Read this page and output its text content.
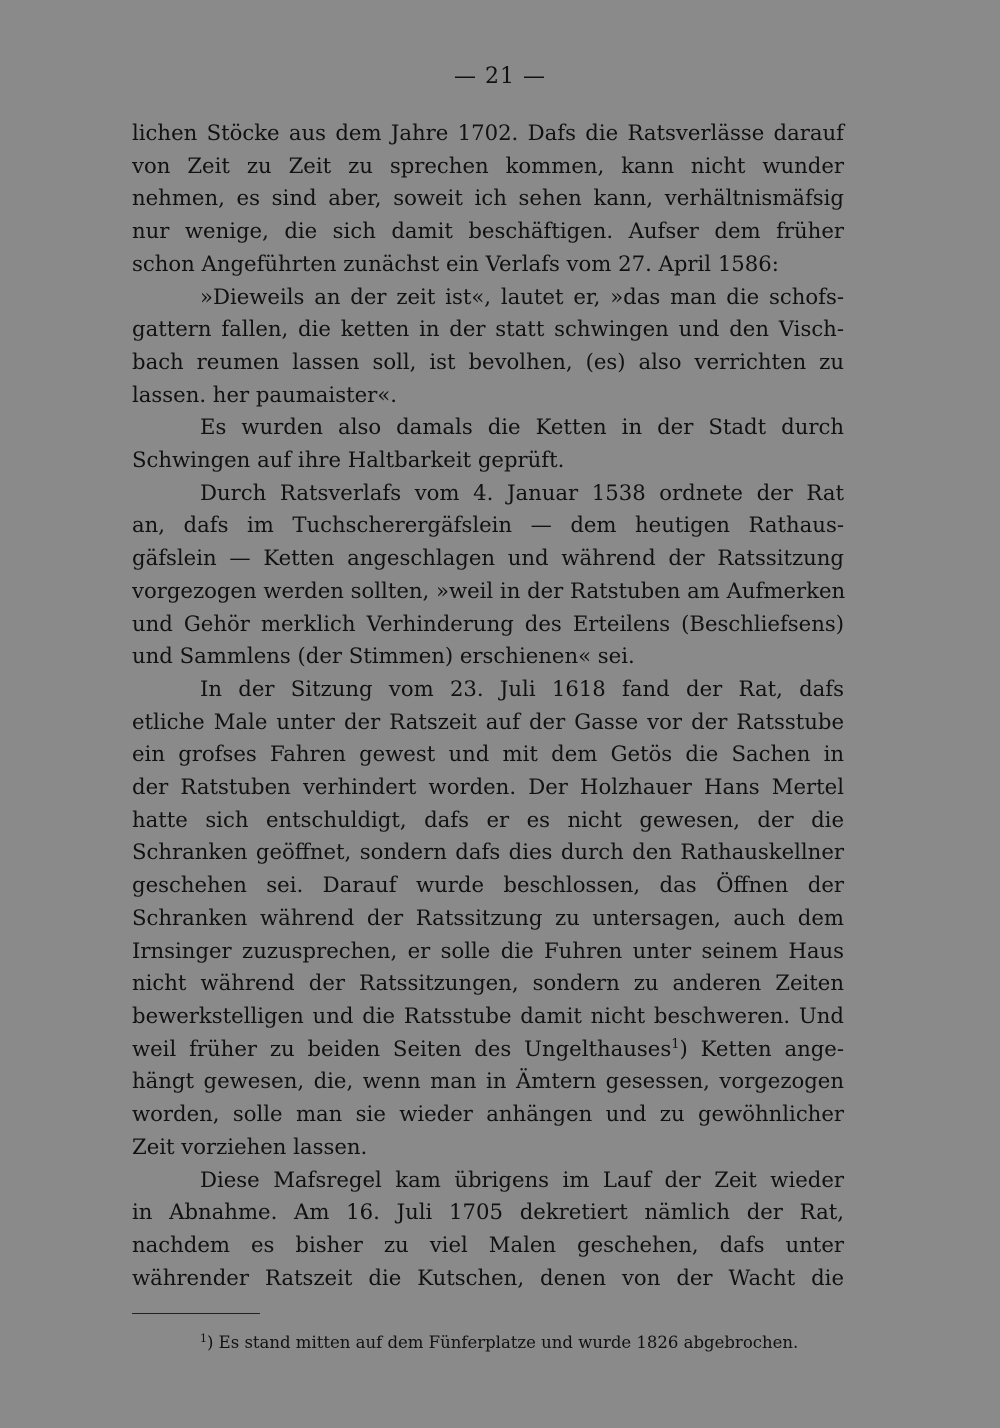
— 21 —
lichen Stöcke aus dem Jahre 1702. Dafs die Ratsverlässe darauf
von Zeit zu Zeit zu sprechen kommen, kann nicht wunder
nehmen, es sind aber, soweit ich sehen kann, verhältnismäfsig
nur wenige, die sich damit beschäftigen. Aufser dem früher
schon Angeführten zunächst ein Verlafs vom 27. April 1586:
»Dieweils an der zeit ist«, lautet er, »das man die schofs-
gattern fallen, die ketten in der statt schwingen und den Visch-
bach reumen lassen soll, ist bevolhen, (es) also verrichten zu
lassen. her paumaister«.
Es wurden also damals die Ketten in der Stadt durch
Schwingen auf ihre Haltbarkeit geprüft.
Durch Ratsverlafs vom 4. Januar 1538 ordnete der Rat
an, dafs im Tuchscherergäfslein — dem heutigen Rathaus-
gäfslein — Ketten angeschlagen und während der Ratssitzung
vorgezogen werden sollten, »weil in der Ratstuben am Aufmerken
und Gehör merklich Verhinderung des Erteilens (Beschliefsens)
und Sammlens (der Stimmen) erschienen« sei.
In der Sitzung vom 23. Juli 1618 fand der Rat, dafs
etliche Male unter der Ratszeit auf der Gasse vor der Ratsstube
ein grofses Fahren gewest und mit dem Getös die Sachen in
der Ratstuben verhindert worden. Der Holzhauer Hans Mertel
hatte sich entschuldigt, dafs er es nicht gewesen, der die
Schranken geöffnet, sondern dafs dies durch den Rathauskellner
geschehen sei. Darauf wurde beschlossen, das Öffnen der
Schranken während der Ratssitzung zu untersagen, auch dem
Irnsinger zuzusprechen, er solle die Fuhren unter seinem Haus
nicht während der Ratssitzungen, sondern zu anderen Zeiten
bewerkstelligen und die Ratsstube damit nicht beschweren. Und
weil früher zu beiden Seiten des Ungelthauses$^1$) Ketten ange-
hängt gewesen, die, wenn man in Ämtern gesessen, vorgezogen
worden, solle man sie wieder anhängen und zu gewöhnlicher
Zeit vorziehen lassen.
Diese Mafsregel kam übrigens im Lauf der Zeit wieder
in Abnahme. Am 16. Juli 1705 dekretiert nämlich der Rat,
nachdem es bisher zu viel Malen geschehen, dafs unter
währender Ratszeit die Kutschen, denen von der Wacht die
$^1$) Es stand mitten auf dem Fünferplatze und wurde 1826 abgebrochen.
